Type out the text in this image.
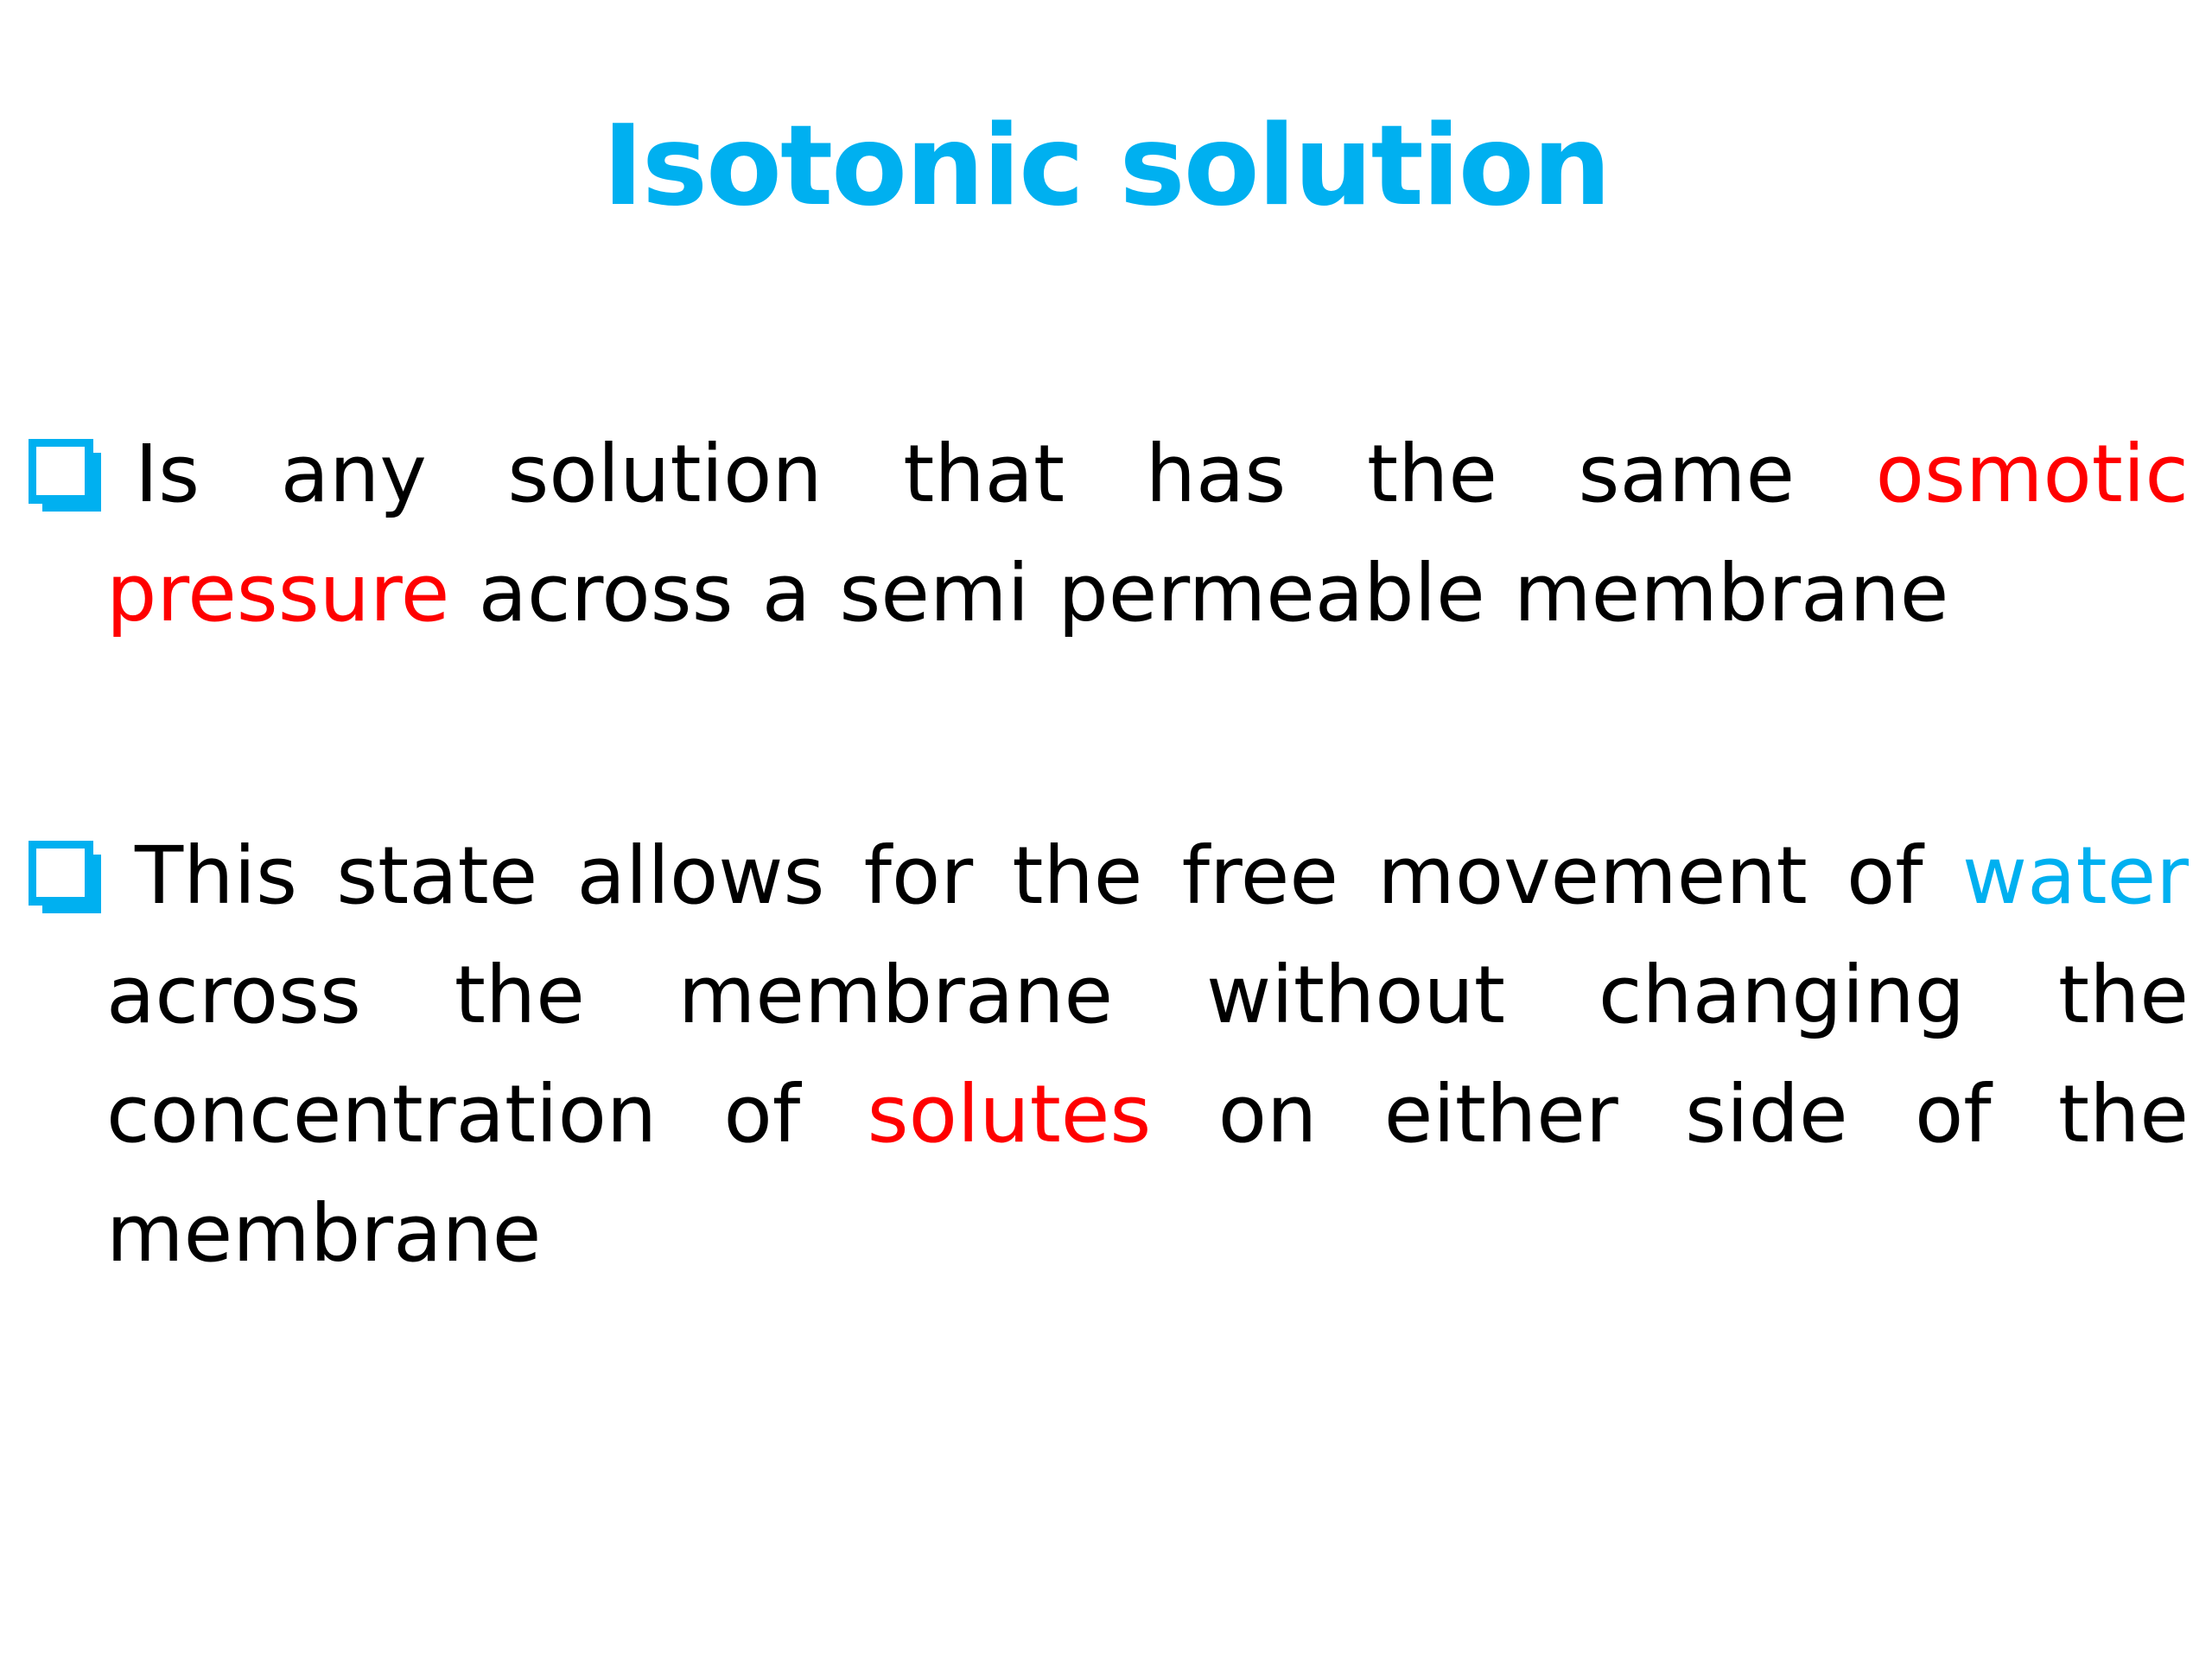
Isotonic solution
Is any solution that has the same osmotic pressure across a semi permeable membrane
This state allows for the free movement of water across the membrane without changing the concentration of solutes on either side of the membrane
